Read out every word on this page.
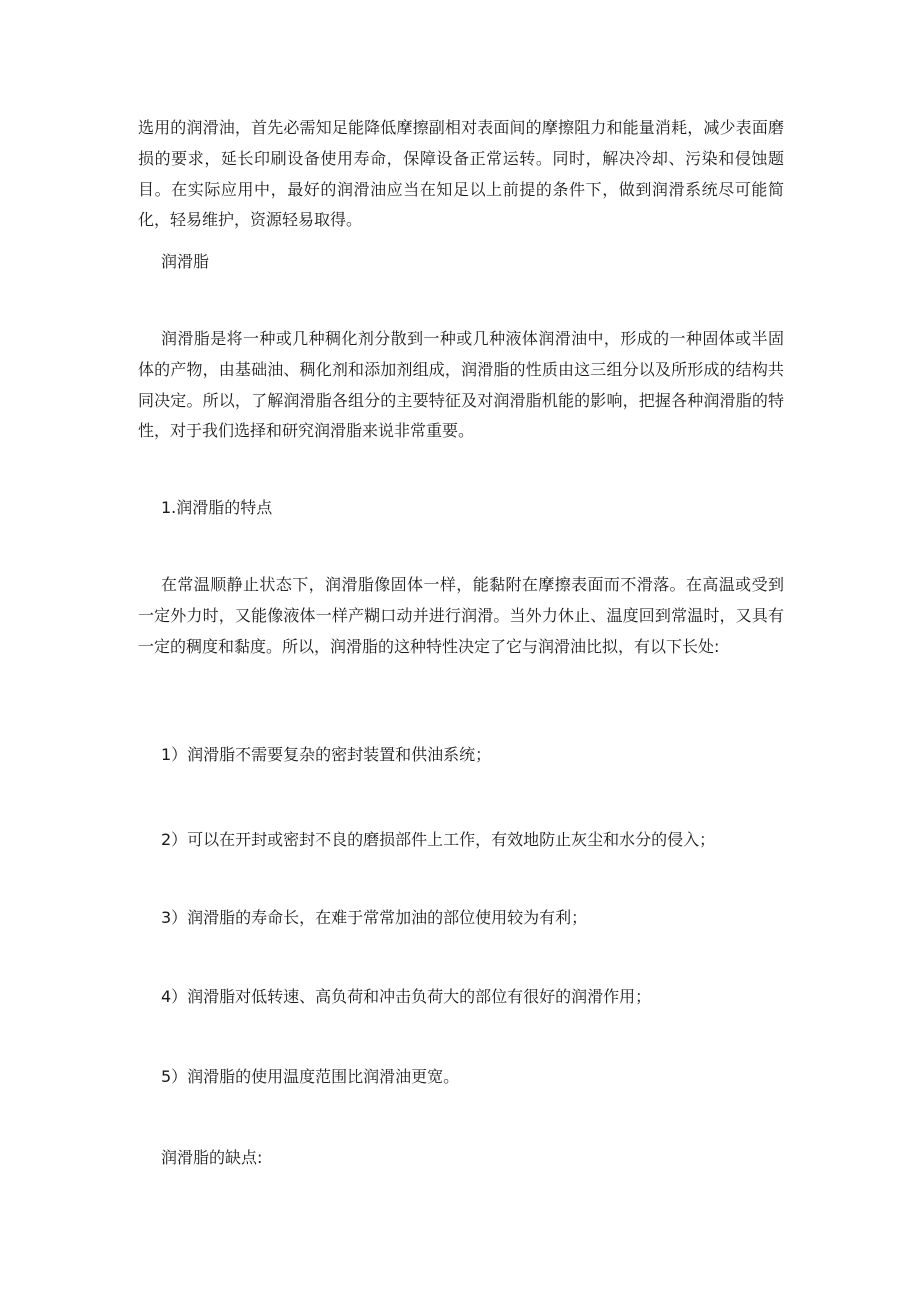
选用的润滑油，首先必需知足能降低摩擦副相对表面间的摩擦阻力和能量消耗，减少表面磨损的要求，延长印刷设备使用寿命，保障设备正常运转。同时，解决冷却、污染和侵蚀题目。在实际应用中，最好的润滑油应当在知足以上前提的条件下，做到润滑系统尽可能简化，轻易维护，资源轻易取得。

润滑脂

润滑脂是将一种或几种稠化剂分散到一种或几种液体润滑油中，形成的一种固体或半固体的产物，由基础油、稠化剂和添加剂组成，润滑脂的性质由这三组分以及所形成的结构共同决定。所以，了解润滑脂各组分的主要特征及对润滑脂机能的影响，把握各种润滑脂的特性，对于我们选择和研究润滑脂来说非常重要。

1.润滑脂的特点

在常温顺静止状态下，润滑脂像固体一样，能黏附在摩擦表面而不滑落。在高温或受到一定外力时，又能像液体一样产糊口动并进行润滑。当外力休止、温度回到常温时，又具有一定的稠度和黏度。所以，润滑脂的这种特性决定了它与润滑油比拟，有以下长处:

1）润滑脂不需要复杂的密封装置和供油系统；

2）可以在开封或密封不良的磨损部件上工作，有效地防止灰尘和水分的侵入；

3）润滑脂的寿命长，在难于常常加油的部位使用较为有利；

4）润滑脂对低转速、高负荷和冲击负荷大的部位有很好的润滑作用；

5）润滑脂的使用温度范围比润滑油更宽。

润滑脂的缺点:
